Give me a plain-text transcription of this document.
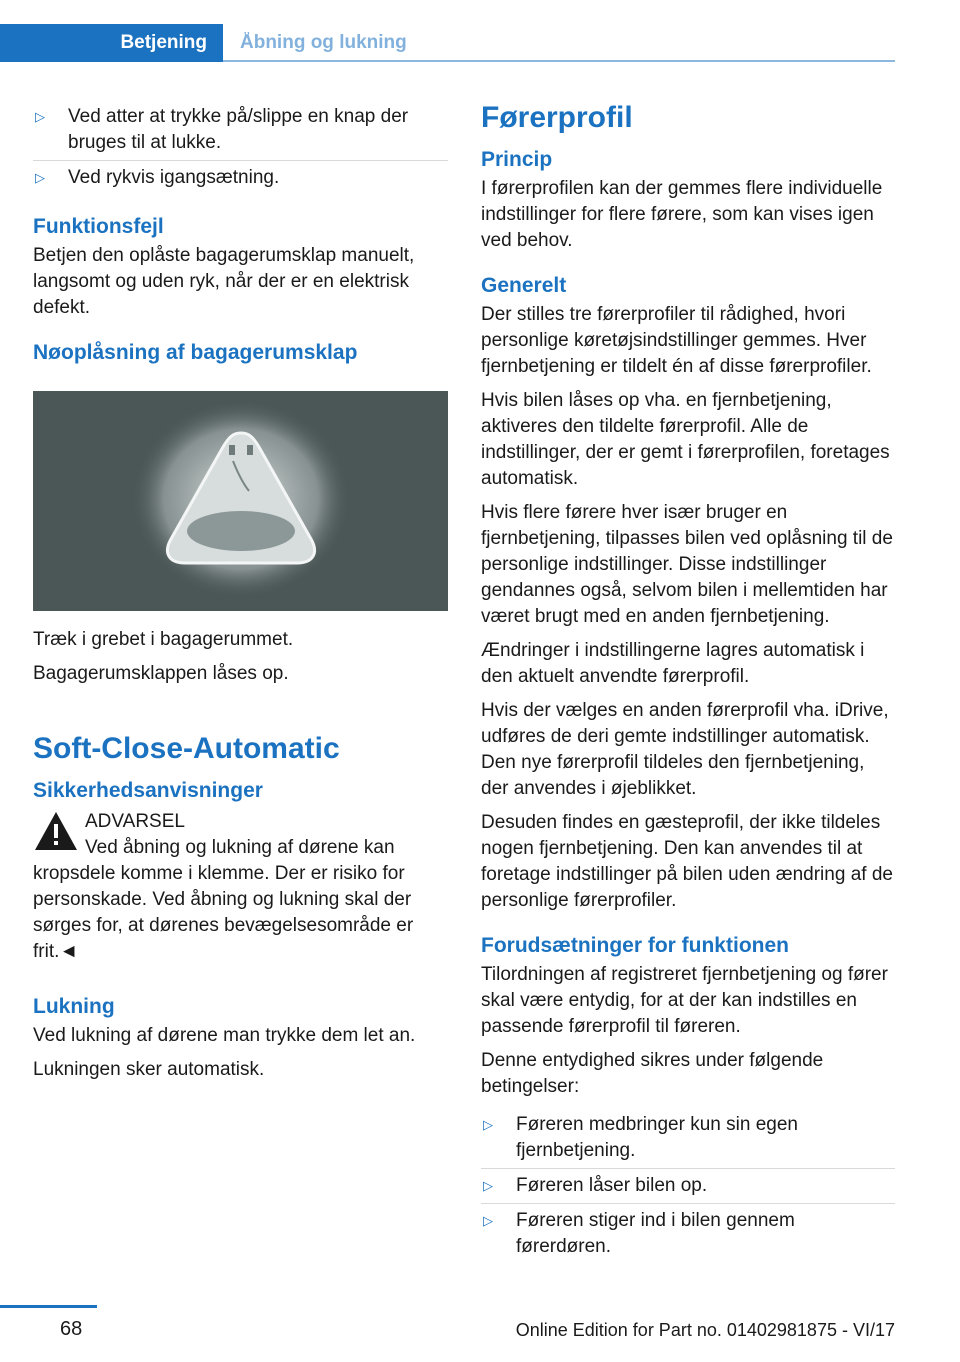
Betjening	Åbning og lukning
▷	Ved atter at trykke på/slippe en knap der bruges til at lukke.
▷	Ved rykvis igangsætning.
Funktionsfejl

Betjen den oplåste bagagerumsklap manuelt, langsomt og uden ryk, når der er en elektrisk defekt.

Nøoplåsning af bagagerumsklap

Træk i grebet i bagagerummet.

Bagagerumsklappen låses op.

Soft-Close-Automatic
Sikkerhedsanvisninger
ADVARSEL

Ved åbning og lukning af dørene kan kropsdele komme i klemme. Der er risiko for personskade. Ved åbning og lukning skal der sørges for, at dørenes bevægelsesområde er frit.◄

Lukning

Ved lukning af dørene man trykke dem let an.

Lukningen sker automatisk.

Førerprofil
Princip

I førerprofilen kan der gemmes flere individuelle indstillinger for flere førere, som kan vises igen ved behov.

Generelt

Der stilles tre førerprofiler til rådighed, hvori personlige køretøjsindstillinger gemmes. Hver fjernbetjening er tildelt én af disse førerprofiler.

Hvis bilen låses op vha. en fjernbetjening, aktiveres den tildelte førerprofil. Alle de indstillinger, der er gemt i førerprofilen, foretages automatisk.

Hvis flere førere hver især bruger en fjernbetjening, tilpasses bilen ved oplåsning til de personlige indstillinger. Disse indstillinger gendannes også, selvom bilen i mellemtiden har været brugt med en anden fjernbetjening.

Ændringer i indstillingerne lagres automatisk i den aktuelt anvendte førerprofil.

Hvis der vælges en anden førerprofil vha. iDrive, udføres de deri gemte indstillinger automatisk. Den nye førerprofil tildeles den fjernbetjening, der anvendes i øjeblikket.

Desuden findes en gæsteprofil, der ikke tildeles nogen fjernbetjening. Den kan anvendes til at foretage indstillinger på bilen uden ændring af de personlige førerprofiler.

Forudsætninger for funktionen

Tilordningen af registreret fjernbetjening og fører skal være entydig, for at der kan indstilles en passende førerprofil til føreren.

Denne entydighed sikres under følgende betingelser:

▷	Føreren medbringer kun sin egen fjernbetjening.
▷	Føreren låser bilen op.
▷	Føreren stiger ind i bilen gennem førerdøren.
68	Online Edition for Part no. 01402981875 - VI/17
